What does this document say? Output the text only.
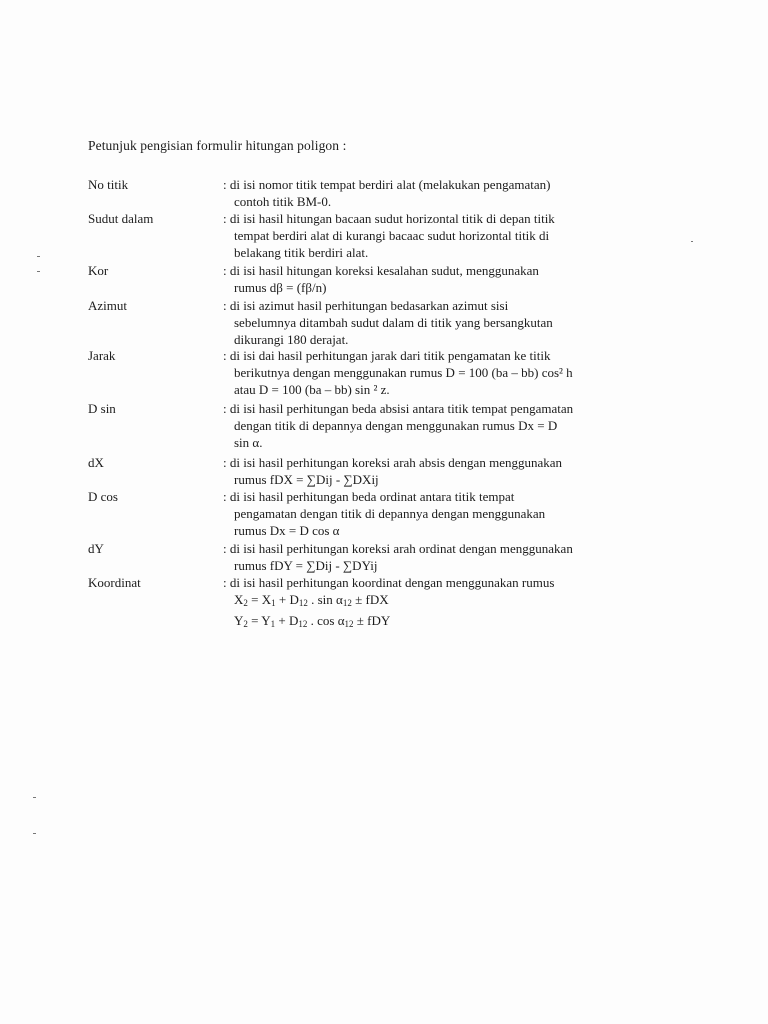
Petunjuk pengisian formulir hitungan poligon :
No titik	: di isi nomor titik tempat berdiri alat (melakukan pengamatan)
contoh titik BM-0.
Sudut dalam	: di isi hasil hitungan bacaan sudut horizontal titik di depan titik
tempat berdiri alat di kurangi bacaac sudut horizontal titik di
belakang titik berdiri alat.
Kor	: di isi hasil hitungan koreksi kesalahan sudut, menggunakan
rumus dβ = (fβ/n)
Azimut	: di isi azimut hasil perhitungan bedasarkan azimut sisi
sebelumnya ditambah sudut dalam di titik yang bersangkutan
dikurangi 180 derajat.
Jarak	: di isi dai hasil perhitungan jarak dari titik pengamatan ke titik
berikutnya dengan menggunakan rumus D = 100 (ba – bb) cos² h
atau D = 100 (ba – bb) sin ² z.
D sin	: di isi hasil perhitungan beda absisi antara titik tempat pengamatan
dengan titik di depannya dengan menggunakan rumus Dx = D
sin α.
dX	: di isi hasil perhitungan koreksi arah absis dengan menggunakan
rumus fDX = ∑Dij - ∑DXij
D cos	: di isi hasil perhitungan beda ordinat antara titik tempat
pengamatan dengan titik di depannya dengan menggunakan
rumus Dx = D cos α
dY	: di isi hasil perhitungan koreksi arah ordinat dengan menggunakan
rumus fDY = ∑Dij - ∑DYij
Koordinat	: di isi hasil perhitungan koordinat dengan menggunakan rumus
$X_2 = X_1 + D_{12}$ . $\sin \alpha_{12}$ ± fDX
$Y_2 = Y_1 + D_{12}$ . $\cos \alpha_{12}$ ± fDY
